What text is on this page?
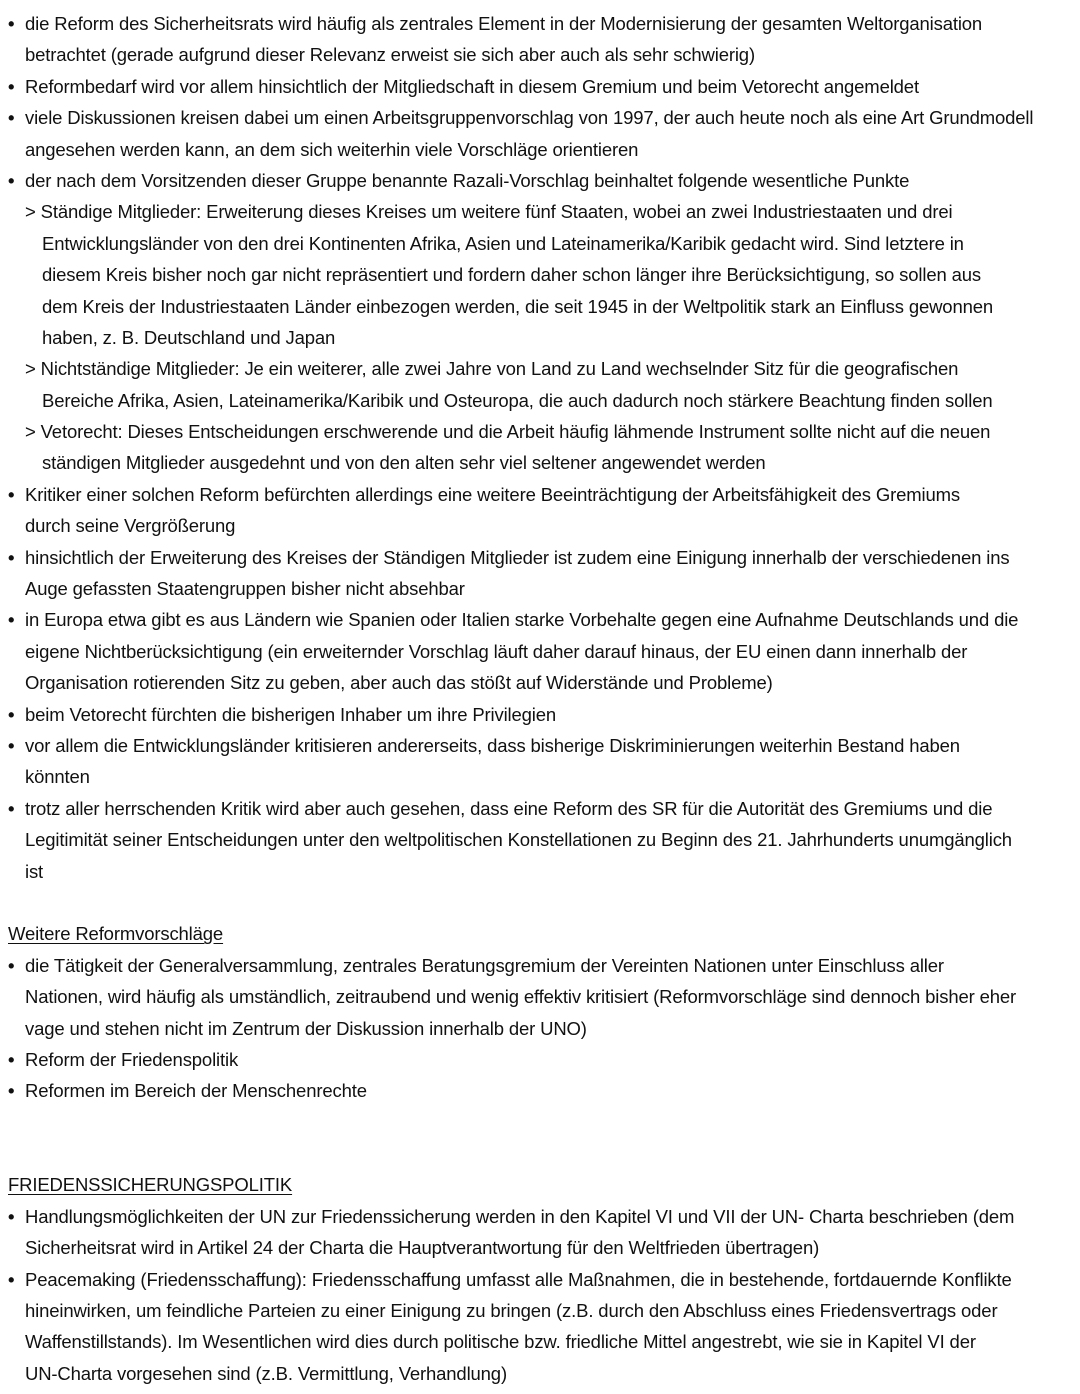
• die Reform des Sicherheitsrats wird häufig als zentrales Element in der Modernisierung der gesamten Weltorganisation
betrachtet (gerade aufgrund dieser Relevanz erweist sie sich aber auch als sehr schwierig)
• Reformbedarf wird vor allem hinsichtlich der Mitgliedschaft in diesem Gremium und beim Vetorecht angemeldet
• viele Diskussionen kreisen dabei um einen Arbeitsgruppenvorschlag von 1997, der auch heute noch als eine Art Grundmodell
angesehen werden kann, an dem sich weiterhin viele Vorschläge orientieren
• der nach dem Vorsitzenden dieser Gruppe benannte Razali-Vorschlag beinhaltet folgende wesentliche Punkte
> Ständige Mitglieder: Erweiterung dieses Kreises um weitere fünf Staaten, wobei an zwei Industriestaaten und drei
Entwicklungsländer von den drei Kontinenten Afrika, Asien und Lateinamerika/Karibik gedacht wird. Sind letztere in
diesem Kreis bisher noch gar nicht repräsentiert und fordern daher schon länger ihre Berücksichtigung, so sollen aus
dem Kreis der Industriestaaten Länder einbezogen werden, die seit 1945 in der Weltpolitik stark an Einfluss gewonnen
haben, z. B. Deutschland und Japan
> Nichtständige Mitglieder: Je ein weiterer, alle zwei Jahre von Land zu Land wechselnder Sitz für die geografischen
Bereiche Afrika, Asien, Lateinamerika/Karibik und Osteuropa, die auch dadurch noch stärkere Beachtung finden sollen
> Vetorecht: Dieses Entscheidungen erschwerende und die Arbeit häufig lähmende Instrument sollte nicht auf die neuen
ständigen Mitglieder ausgedehnt und von den alten sehr viel seltener angewendet werden
• Kritiker einer solchen Reform befürchten allerdings eine weitere Beeinträchtigung der Arbeitsfähigkeit des Gremiums
durch seine Vergrößerung
• hinsichtlich der Erweiterung des Kreises der Ständigen Mitglieder ist zudem eine Einigung innerhalb der verschiedenen ins
Auge gefassten Staatengruppen bisher nicht absehbar
• in Europa etwa gibt es aus Ländern wie Spanien oder Italien starke Vorbehalte gegen eine Aufnahme Deutschlands und die
eigene Nichtberücksichtigung (ein erweiternder Vorschlag läuft daher darauf hinaus, der EU einen dann innerhalb der
Organisation rotierenden Sitz zu geben, aber auch das stößt auf Widerstände und Probleme)
• beim Vetorecht fürchten die bisherigen Inhaber um ihre Privilegien
• vor allem die Entwicklungsländer kritisieren andererseits, dass bisherige Diskriminierungen weiterhin Bestand haben
könnten
• trotz aller herrschenden Kritik wird aber auch gesehen, dass eine Reform des SR für die Autorität des Gremiums und die
Legitimität seiner Entscheidungen unter den weltpolitischen Konstellationen zu Beginn des 21. Jahrhunderts unumgänglich
ist
Weitere Reformvorschläge
• die Tätigkeit der Generalversammlung, zentrales Beratungsgremium der Vereinten Nationen unter Einschluss aller
Nationen, wird häufig als umständlich, zeitraubend und wenig effektiv kritisiert (Reformvorschläge sind dennoch bisher eher
vage und stehen nicht im Zentrum der Diskussion innerhalb der UNO)
• Reform der Friedenspolitik
• Reformen im Bereich der Menschenrechte
FRIEDENSSICHERUNGSPOLITIK
• Handlungsmöglichkeiten der UN zur Friedenssicherung werden in den Kapitel VI und VII der UN- Charta beschrieben (dem
Sicherheitsrat wird in Artikel 24 der Charta die Hauptverantwortung für den Weltfrieden übertragen)
• Peacemaking (Friedensschaffung): Friedensschaffung umfasst alle Maßnahmen, die in bestehende, fortdauernde Konflikte
hineinwirken, um feindliche Parteien zu einer Einigung zu bringen (z.B. durch den Abschluss eines Friedensvertrags oder
Waffenstillstands). Im Wesentlichen wird dies durch politische bzw. friedliche Mittel angestrebt, wie sie in Kapitel VI der
UN-Charta vorgesehen sind (z.B. Vermittlung, Verhandlung)
